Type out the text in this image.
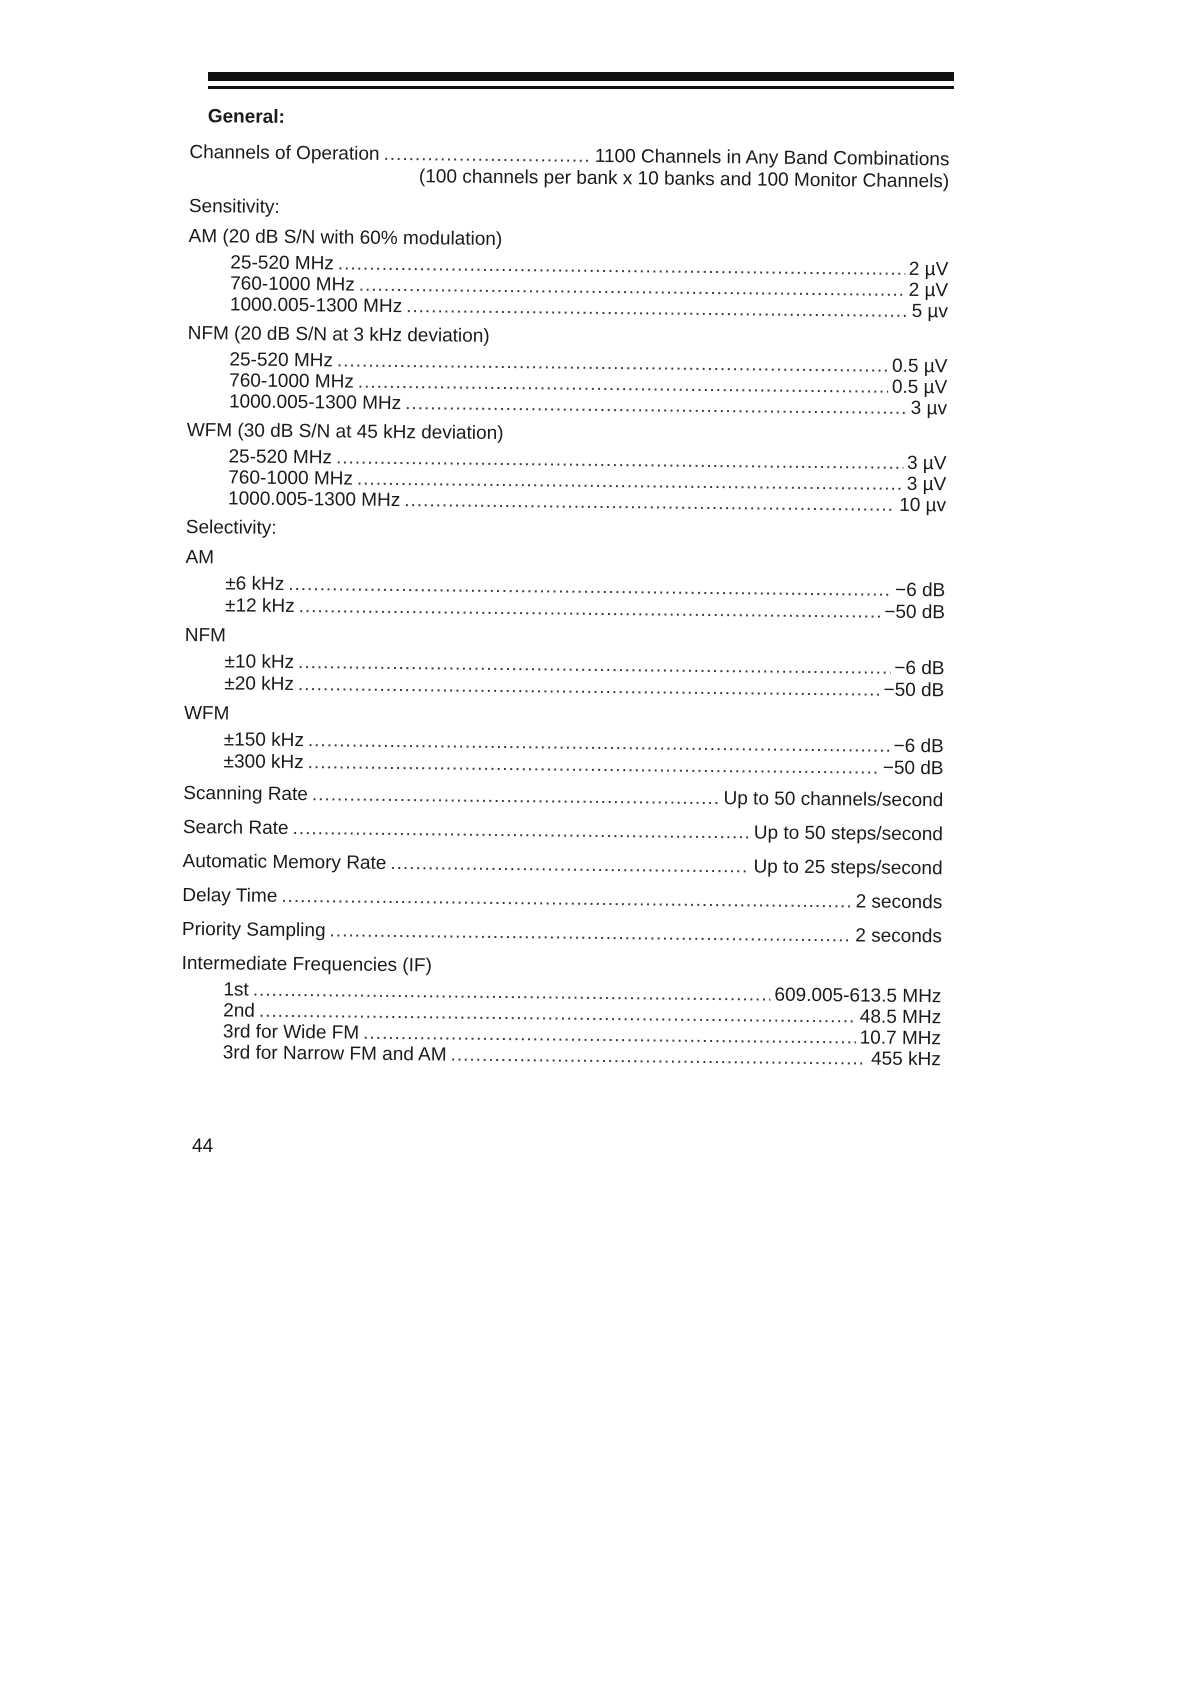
General:
Channels of Operation .....	1100 Channels in Any Band Combinations
(100 channels per bank x 10 banks and 100 Monitor Channels)
Sensitivity:
AM (20 dB S/N with 60% modulation)
25-520 MHz .....	2 µV
760-1000 MHz .....	2 µV
1000.005-1300 MHz .....	5 µv
NFM (20 dB S/N at 3 kHz deviation)
25-520 MHz .....	0.5 µV
760-1000 MHz .....	0.5 µV
1000.005-1300 MHz .....	3 µv
WFM (30 dB S/N at 45 kHz deviation)
25-520 MHz .....	3 µV
760-1000 MHz .....	3 µV
1000.005-1300 MHz .....	10 µv
Selectivity:
AM
±6 kHz .....	−6 dB
±12 kHz .....	−50 dB
NFM
±10 kHz .....	−6 dB
±20 kHz .....	−50 dB
WFM
±150 kHz .....	−6 dB
±300 kHz .....	−50 dB
Scanning Rate .....	Up to 50 channels/second
Search Rate .....	Up to 50 steps/second
Automatic Memory Rate .....	Up to 25 steps/second
Delay Time .....	2 seconds
Priority Sampling .....	2 seconds
Intermediate Frequencies (IF)
1st .....	609.005-613.5 MHz
2nd .....	48.5 MHz
3rd for Wide FM .....	10.7 MHz
3rd for Narrow FM and AM .....	455 kHz
44
